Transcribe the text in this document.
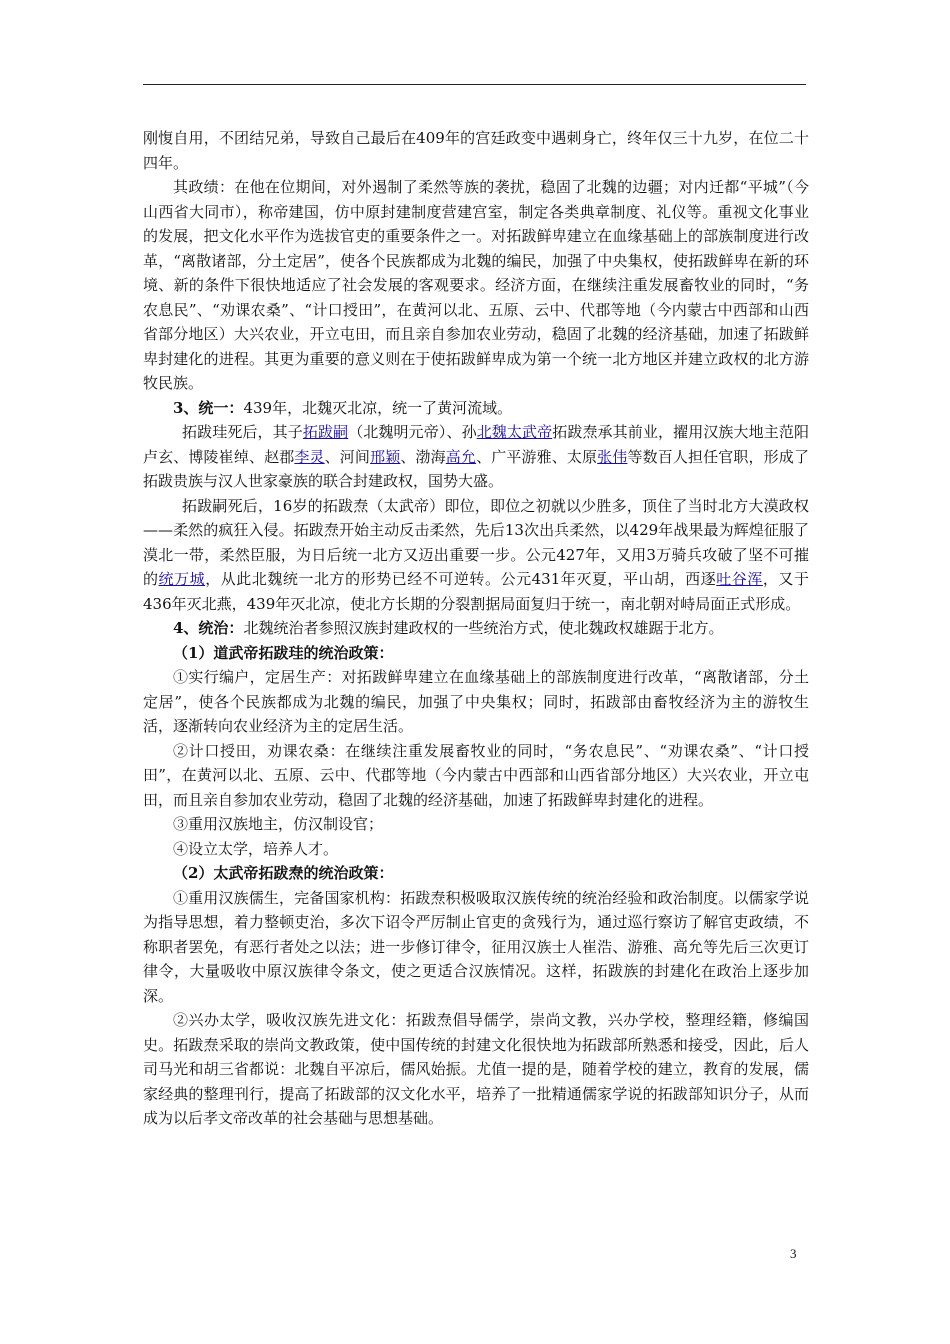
刚愎自用，不团结兄弟，导致自己最后在409年的宫廷政变中遇刺身亡，终年仅三十九岁，在位二十四年。

其政绩：在他在位期间，对外遏制了柔然等族的袭扰，稳固了北魏的边疆；对内迁都“平城”（今山西省大同市），称帝建国，仿中原封建制度营建宫室，制定各类典章制度、礼仪等。重视文化事业的发展，把文化水平作为选拔官吏的重要条件之一。对拓跋鲜卑建立在血缘基础上的部族制度进行改革，“离散诸部，分土定居”，使各个民族都成为北魏的编民，加强了中央集权，使拓跋鲜卑在新的环境、新的条件下很快地适应了社会发展的客观要求。经济方面，在继续注重发展畜牧业的同时，“务农息民”、“劝课农桑”、“计口授田”，在黄河以北、五原、云中、代郡等地（今内蒙古中西部和山西省部分地区）大兴农业，开立屯田，而且亲自参加农业劳动，稳固了北魏的经济基础，加速了拓跋鲜卑封建化的进程。其更为重要的意义则在于使拓跋鲜卑成为第一个统一北方地区并建立政权的北方游牧民族。

3、统一：439年，北魏灭北凉，统一了黄河流域。

拓跋珪死后，其子拓跋嗣（北魏明元帝）、孙北魏太武帝拓跋焘承其前业，擢用汉族大地主范阳卢玄、博陵崔绰、赵郡李灵、河间邢颖、渤海高允、广平游雅、太原张伟等数百人担任官职，形成了拓跋贵族与汉人世家豪族的联合封建政权，国势大盛。

拓跋嗣死后，16岁的拓跋焘（太武帝）即位，即位之初就以少胜多，顶住了当时北方大漠政权——柔然的疯狂入侵。拓跋焘开始主动反击柔然，先后13次出兵柔然，以429年战果最为辉煌征服了漠北一带，柔然臣服，为日后统一北方又迈出重要一步。公元427年，又用3万骑兵攻破了坚不可摧的统万城，从此北魏统一北方的形势已经不可逆转。公元431年灭夏，平山胡，西逐吐谷浑，又于436年灭北燕，439年灭北凉，使北方长期的分裂割据局面复归于统一，南北朝对峙局面正式形成。

4、统治：北魏统治者参照汉族封建政权的一些统治方式，使北魏政权雄踞于北方。

（1）道武帝拓跋珪的统治政策：

①实行编户，定居生产：对拓跋鲜卑建立在血缘基础上的部族制度进行改革，“离散诸部，分土定居”，使各个民族都成为北魏的编民，加强了中央集权；同时，拓跋部由畜牧经济为主的游牧生活，逐渐转向农业经济为主的定居生活。

②计口授田，劝课农桑：在继续注重发展畜牧业的同时，“务农息民”、“劝课农桑”、“计口授田”，在黄河以北、五原、云中、代郡等地（今内蒙古中西部和山西省部分地区）大兴农业，开立屯田，而且亲自参加农业劳动，稳固了北魏的经济基础，加速了拓跋鲜卑封建化的进程。

③重用汉族地主，仿汉制设官；

④设立太学，培养人才。

（2）太武帝拓跋焘的统治政策：

①重用汉族儒生，完备国家机构：拓跋焘积极吸取汉族传统的统治经验和政治制度。以儒家学说为指导思想，着力整顿吏治，多次下诏令严厉制止官吏的贪残行为，通过巡行察访了解官吏政绩，不称职者罢免，有恶行者处之以法；进一步修订律令，征用汉族士人崔浩、游雅、高允等先后三次更订律令，大量吸收中原汉族律令条文，使之更适合汉族情况。这样，拓跋族的封建化在政治上逐步加深。

②兴办太学，吸收汉族先进文化：拓跋焘倡导儒学，崇尚文教，兴办学校，整理经籍，修编国史。拓跋焘采取的崇尚文教政策，使中国传统的封建文化很快地为拓跋部所熟悉和接受，因此，后人司马光和胡三省都说：北魏自平凉后，儒风始振。尤值一提的是，随着学校的建立，教育的发展，儒家经典的整理刊行，提高了拓跋部的汉文化水平，培养了一批精通儒家学说的拓跋部知识分子，从而成为以后孝文帝改革的社会基础与思想基础。

3
